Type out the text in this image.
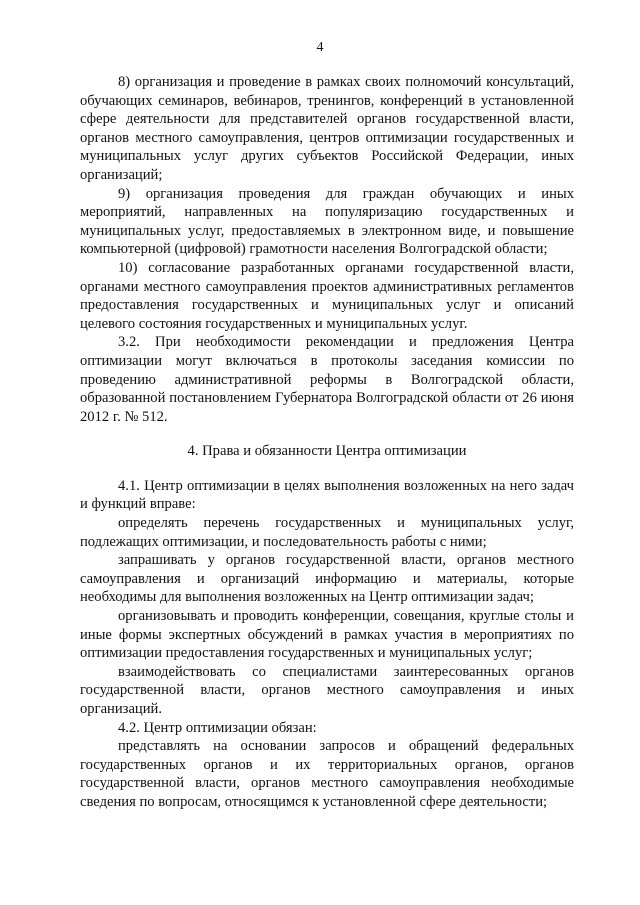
4

8) организация и проведение в рамках своих полномочий консультаций, обучающих семинаров, вебинаров, тренингов, конференций в установленной сфере деятельности для представителей органов государственной власти, органов местного самоуправления, центров оптимизации государственных и муниципальных услуг других субъектов Российской Федерации, иных организаций;

9) организация проведения для граждан обучающих и иных мероприятий, направленных на популяризацию государственных и муниципальных услуг, предоставляемых в электронном виде, и повышение компьютерной (цифровой) грамотности населения Волгоградской области;

10) согласование разработанных органами государственной власти, органами местного самоуправления проектов административных регламентов предоставления государственных и муниципальных услуг и описаний целевого состояния государственных и муниципальных услуг.

3.2. При необходимости рекомендации и предложения Центра оптимизации могут включаться в протоколы заседания комиссии по проведению административной реформы в Волгоградской области, образованной постановлением Губернатора Волгоградской области от 26 июня 2012 г. № 512.

4. Права и обязанности Центра оптимизации

4.1. Центр оптимизации в целях выполнения возложенных на него задач и функций вправе:

определять перечень государственных и муниципальных услуг, подлежащих оптимизации, и последовательность работы с ними;

запрашивать у органов государственной власти, органов местного самоуправления и организаций информацию и материалы, которые необходимы для выполнения возложенных на Центр оптимизации задач;

организовывать и проводить конференции, совещания, круглые столы и иные формы экспертных обсуждений в рамках участия в мероприятиях по оптимизации предоставления государственных и муниципальных услуг;

взаимодействовать со специалистами заинтересованных органов государственной власти, органов местного самоуправления и иных организаций.

4.2. Центр оптимизации обязан:

представлять на основании запросов и обращений федеральных государственных органов и их территориальных органов, органов государственной власти, органов местного самоуправления необходимые сведения по вопросам, относящимся к установленной сфере деятельности;
